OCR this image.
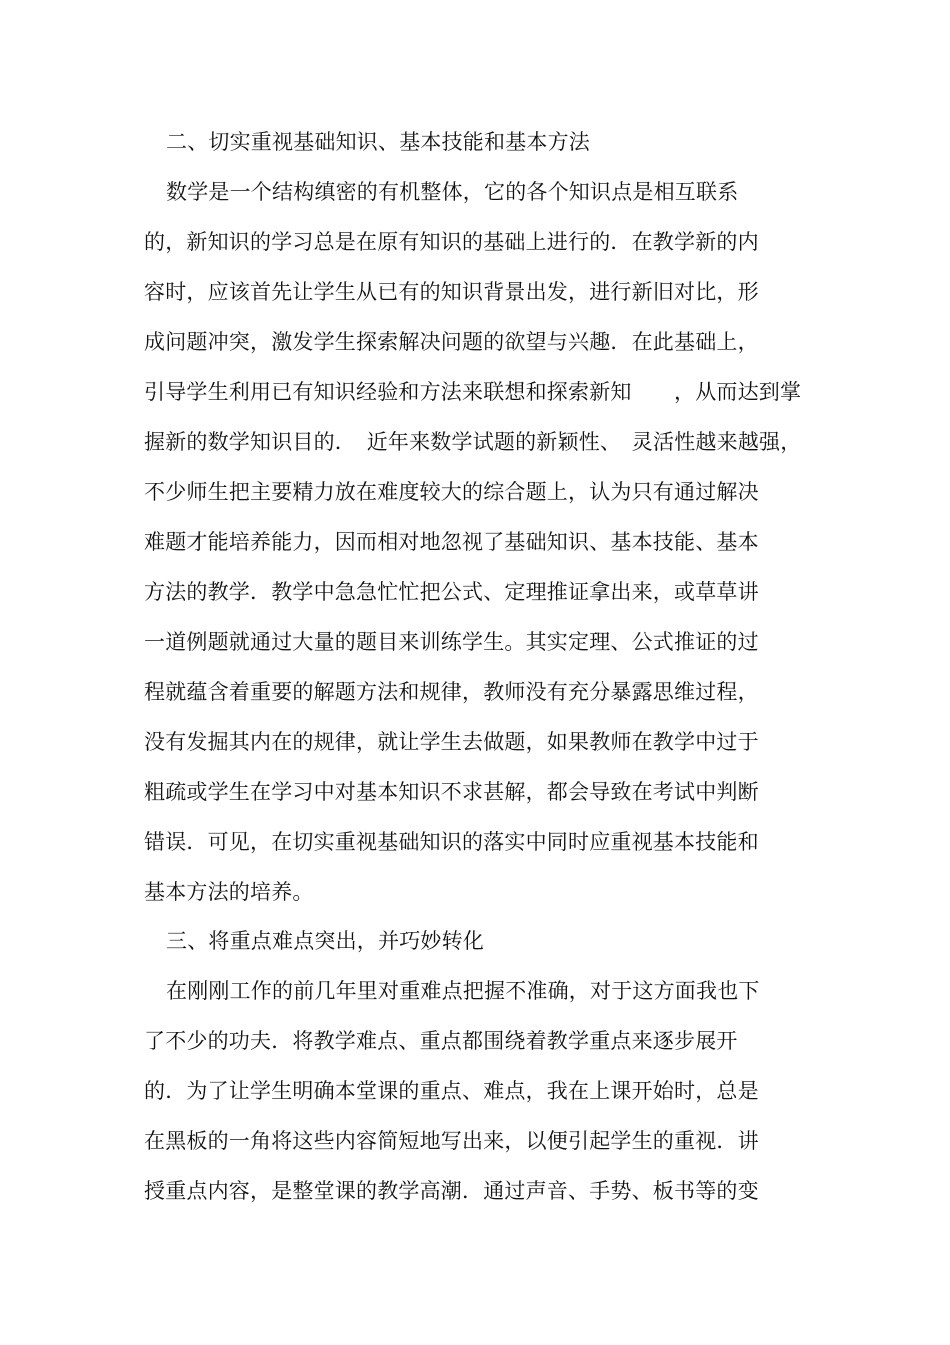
二、切实重视基础知识、基本技能和基本方法
数学是一个结构缜密的有机整体，它的各个知识点是相互联系
的，新知识的学习总是在原有知识的基础上进行的．在教学新的内
容时，应该首先让学生从已有的知识背景出发，进行新旧对比，形
成问题冲突，激发学生探索解决问题的欲望与兴趣．在此基础上，
引导学生利用已有知识经验和方法来联想和探索新知　　，从而达到掌
握新的数学知识目的．　近年来数学试题的新颖性、　灵活性越来越强，
不少师生把主要精力放在难度较大的综合题上，认为只有通过解决
难题才能培养能力，因而相对地忽视了基础知识、基本技能、基本
方法的教学．教学中急急忙忙把公式、定理推证拿出来，或草草讲
一道例题就通过大量的题目来训练学生。其实定理、公式推证的过
程就蕴含着重要的解题方法和规律，教师没有充分暴露思维过程，
没有发掘其内在的规律，就让学生去做题，如果教师在教学中过于
粗疏或学生在学习中对基本知识不求甚解，都会导致在考试中判断
错误．可见，在切实重视基础知识的落实中同时应重视基本技能和
基本方法的培养。
三、将重点难点突出，并巧妙转化
在刚刚工作的前几年里对重难点把握不准确，对于这方面我也下
了不少的功夫．将教学难点、重点都围绕着教学重点来逐步展开
的．为了让学生明确本堂课的重点、难点，我在上课开始时，总是
在黑板的一角将这些内容简短地写出来，以便引起学生的重视．讲
授重点内容，是整堂课的教学高潮．通过声音、手势、板书等的变
